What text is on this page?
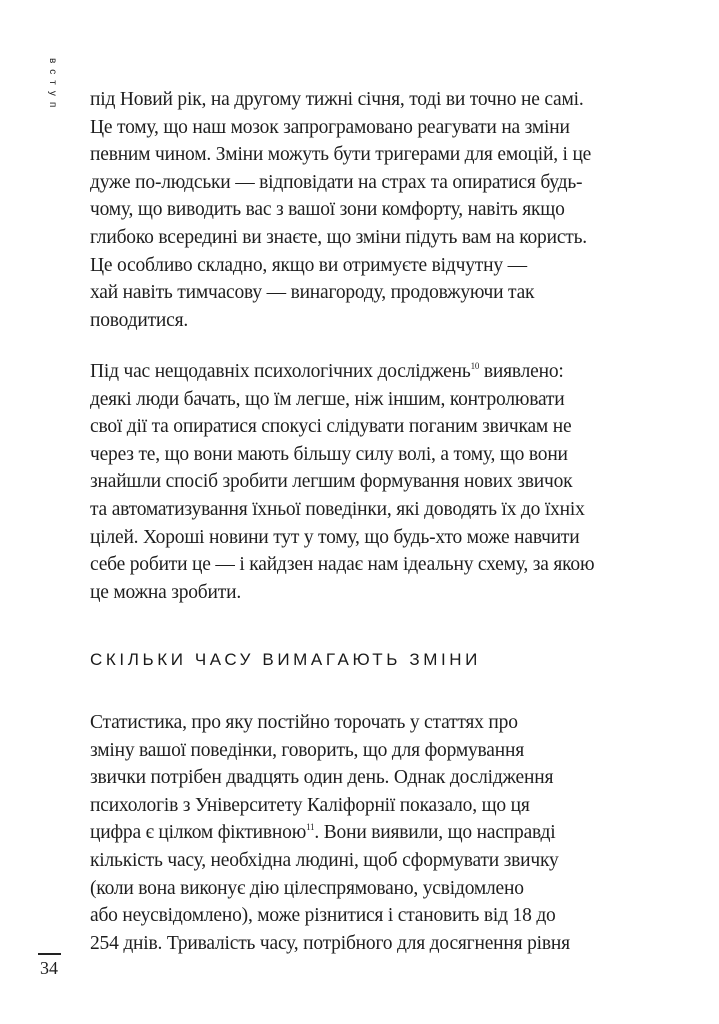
вступ під Новий рік, на другому тижні січня, тоді ви точно не самі.
Це тому, що наш мозок запрограмовано реагувати на зміни
певним чином. Зміни можуть бути тригерами для емоцій, і це
дуже по-людськи — відповідати на страх та опиратися будь-
чому, що виводить вас з вашої зони комфорту, навіть якщо
глибоко всередині ви знаєте, що зміни підуть вам на користь.
Це особливо складно, якщо ви отримуєте відчутну —
хай навіть тимчасову — винагороду, продовжуючи так
поводитися.
Під час нещодавніх психологічних досліджень$^{10}$ виявлено:
деякі люди бачать, що їм легше, ніж іншим, контролювати
свої дії та опиратися спокусі слідувати поганим звичкам не
через те, що вони мають більшу силу волі, а тому, що вони
знайшли спосіб зробити легшим формування нових звичок
та автоматизування їхньої поведінки, які доводять їх до їхніх
цілей. Хороші новини тут у тому, що будь-хто може навчити
себе робити це — і кайдзен надає нам ідеальну схему, за якою
це можна зробити.
СКІЛЬКИ ЧАСУ ВИМАГАЮТЬ ЗМІНИ
Статистика, про яку постійно торочать у статтях про
зміну вашої поведінки, говорить, що для формування
звички потрібен двадцять один день. Однак дослідження
психологів з Університету Каліфорнії показало, що ця
цифра є цілком фіктивною$^{11}$. Вони виявили, що насправді
кількість часу, необхідна людині, щоб сформувати звичку
(коли вона виконує дію цілеспрямовано, усвідомлено
або неусвідомлено), може різнитися і становить від 18 до
254 днів. Тривалість часу, потрібного для досягнення рівня
34
